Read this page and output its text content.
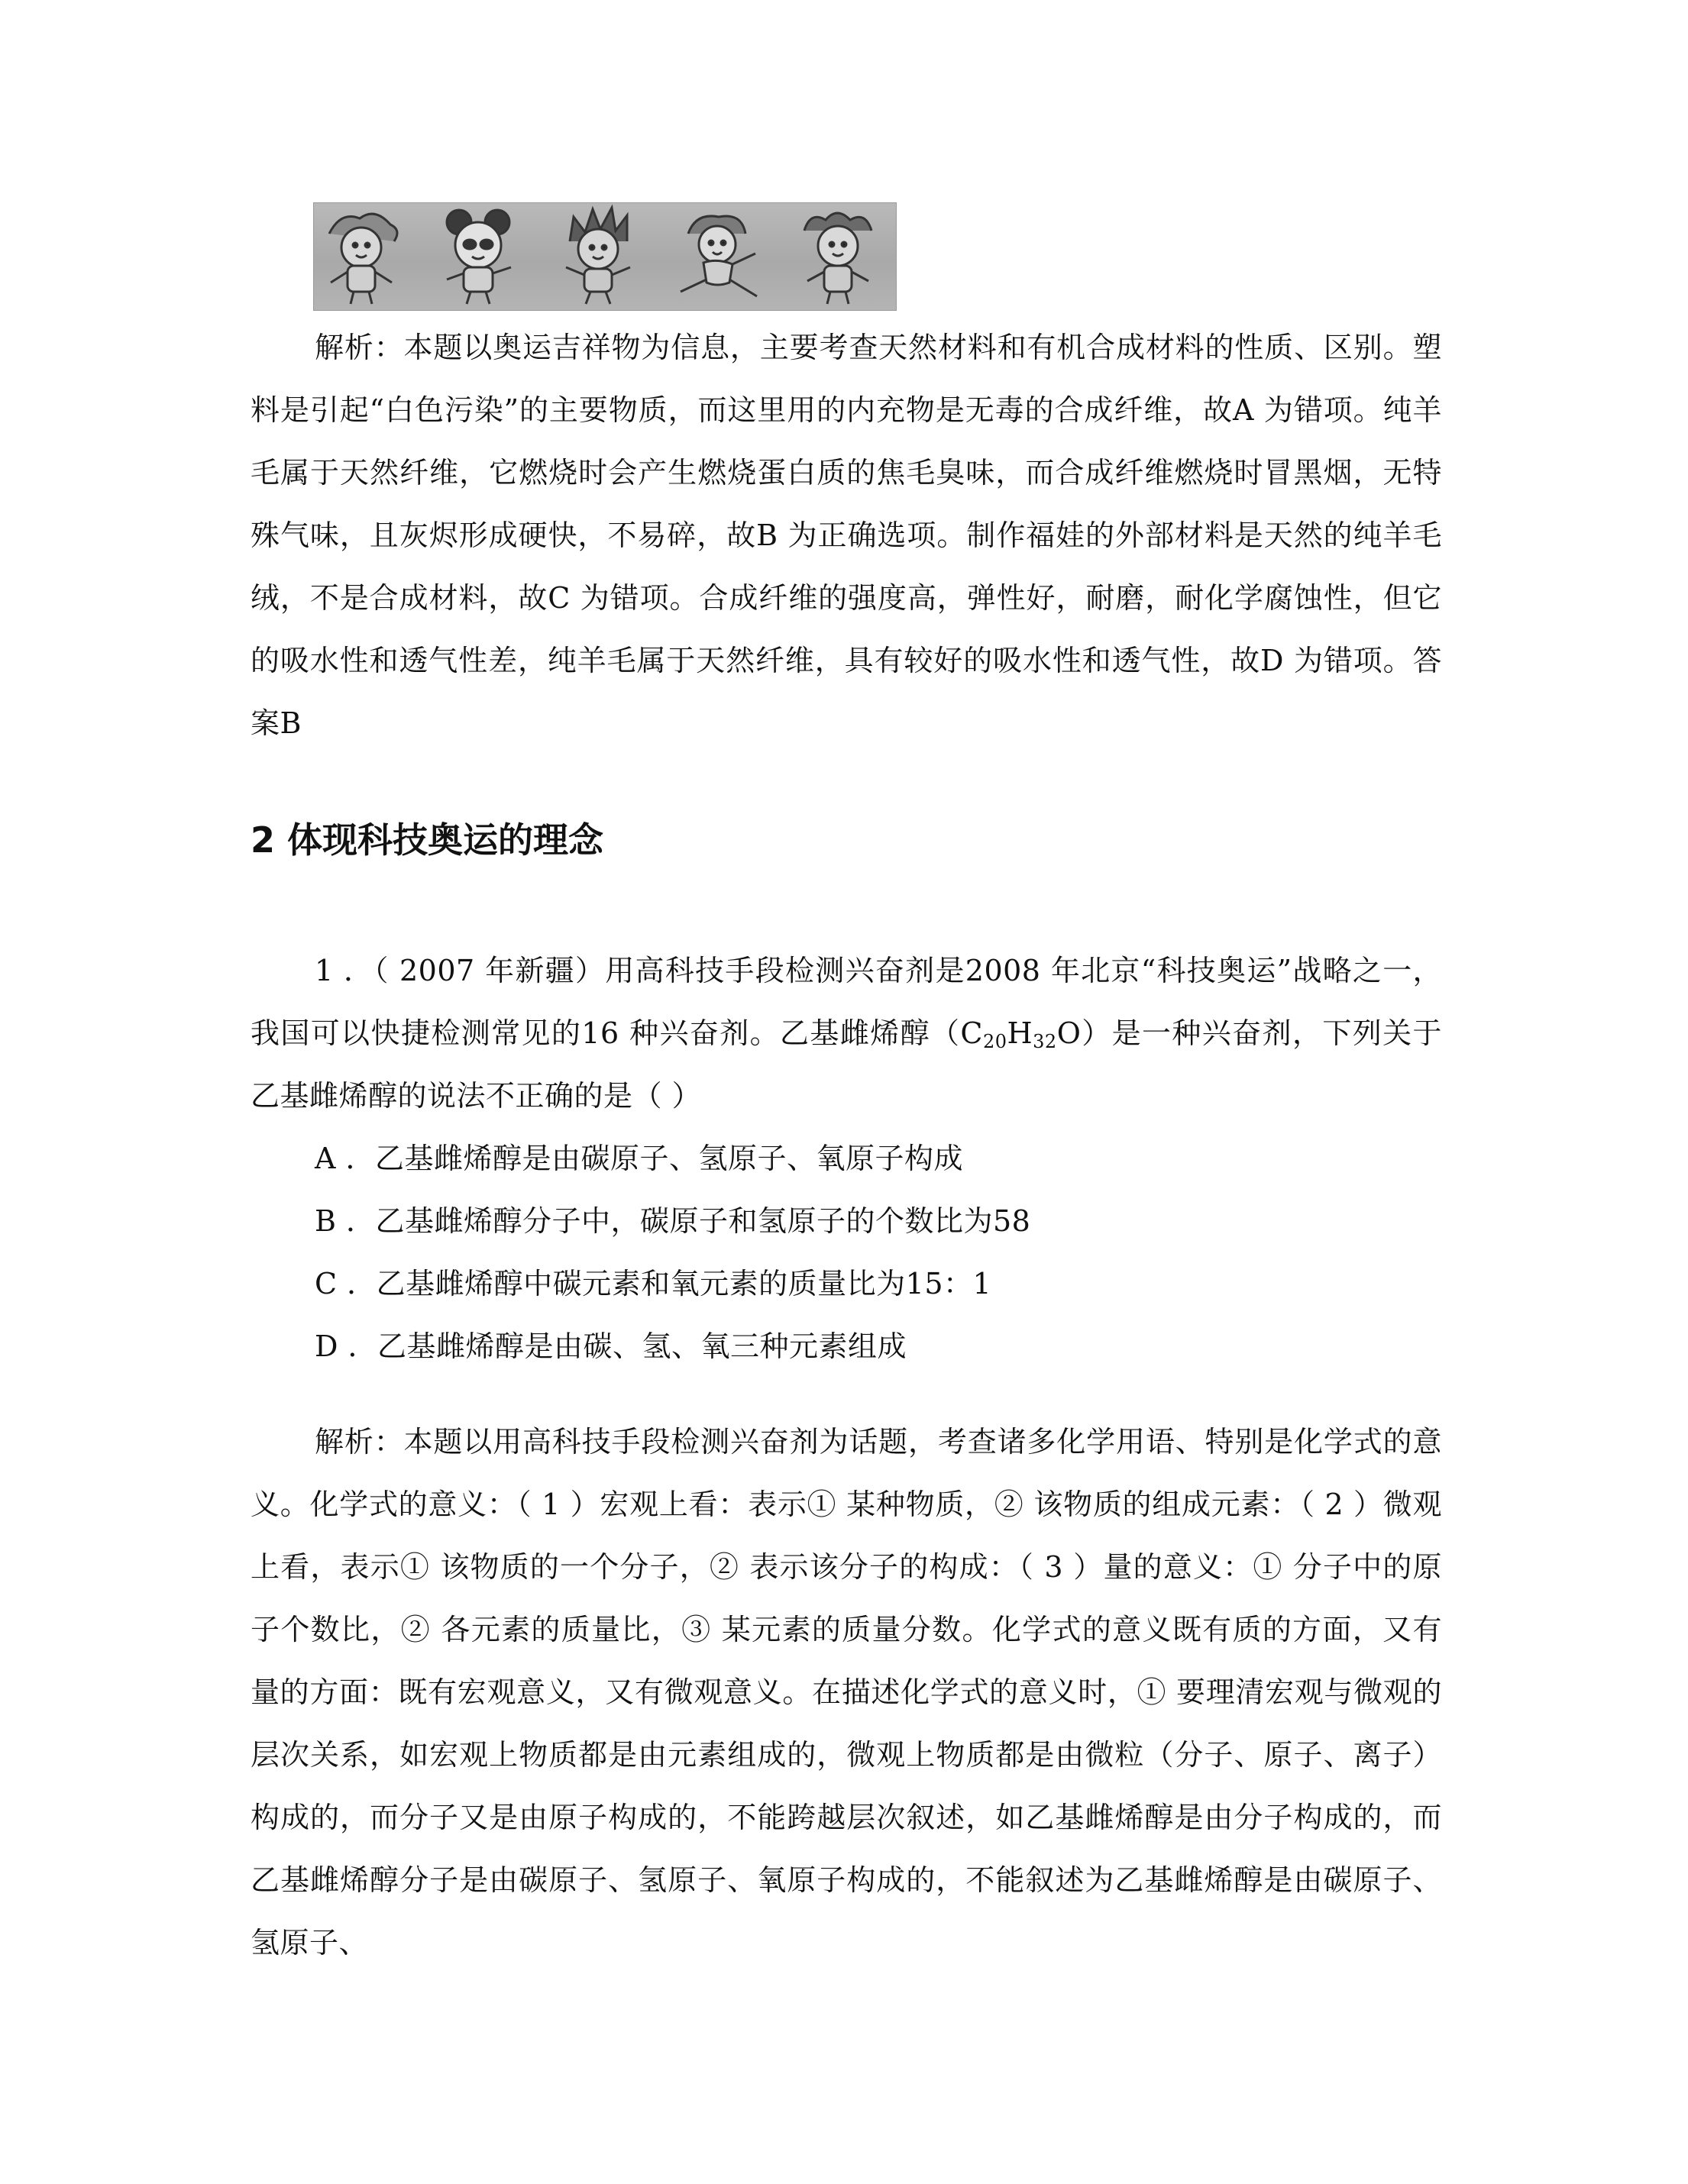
解析：本题以奥运吉祥物为信息，主要考查天然材料和有机合成材料的性质、区别。塑料是引起“白色污染”的主要物质，而这里用的内充物是无毒的合成纤维，故A 为错项。纯羊毛属于天然纤维，它燃烧时会产生燃烧蛋白质的焦毛臭味，而合成纤维燃烧时冒黑烟，无特殊气味，且灰烬形成硬快，不易碎，故B 为正确选项。制作福娃的外部材料是天然的纯羊毛绒，不是合成材料，故C 为错项。合成纤维的强度高，弹性好，耐磨，耐化学腐蚀性，但它的吸水性和透气性差，纯羊毛属于天然纤维，具有较好的吸水性和透气性，故D 为错项。答案B

2 体现科技奥运的理念

1 ．（ 2007 年新疆）用高科技手段检测兴奋剂是2008 年北京“科技奥运”战略之一，我国可以快捷检测常见的16 种兴奋剂。乙基雌烯醇$(C_{20}H_{32}O)$是一种兴奋剂，下列关于乙基雌烯醇的说法不正确的是（ ）

A ．乙基雌烯醇是由碳原子、氢原子、氧原子构成

B ．乙基雌烯醇分子中，碳原子和氢原子的个数比为58

C ．乙基雌烯醇中碳元素和氧元素的质量比为15：1

D ．乙基雌烯醇是由碳、氢、氧三种元素组成

解析：本题以用高科技手段检测兴奋剂为话题，考查诸多化学用语、特别是化学式的意义。化学式的意义：（ 1 ）宏观上看：表示① 某种物质，② 该物质的组成元素：（ 2 ）微观上看，表示① 该物质的一个分子，② 表示该分子的构成：（ 3 ）量的意义：① 分子中的原子个数比，② 各元素的质量比，③ 某元素的质量分数。化学式的意义既有质的方面，又有量的方面：既有宏观意义，又有微观意义。在描述化学式的意义时，① 要理清宏观与微观的层次关系，如宏观上物质都是由元素组成的，微观上物质都是由微粒（分子、原子、离子）构成的，而分子又是由原子构成的，不能跨越层次叙述，如乙基雌烯醇是由分子构成的，而乙基雌烯醇分子是由碳原子、氢原子、氧原子构成的，不能叙述为乙基雌烯醇是由碳原子、氢原子、
